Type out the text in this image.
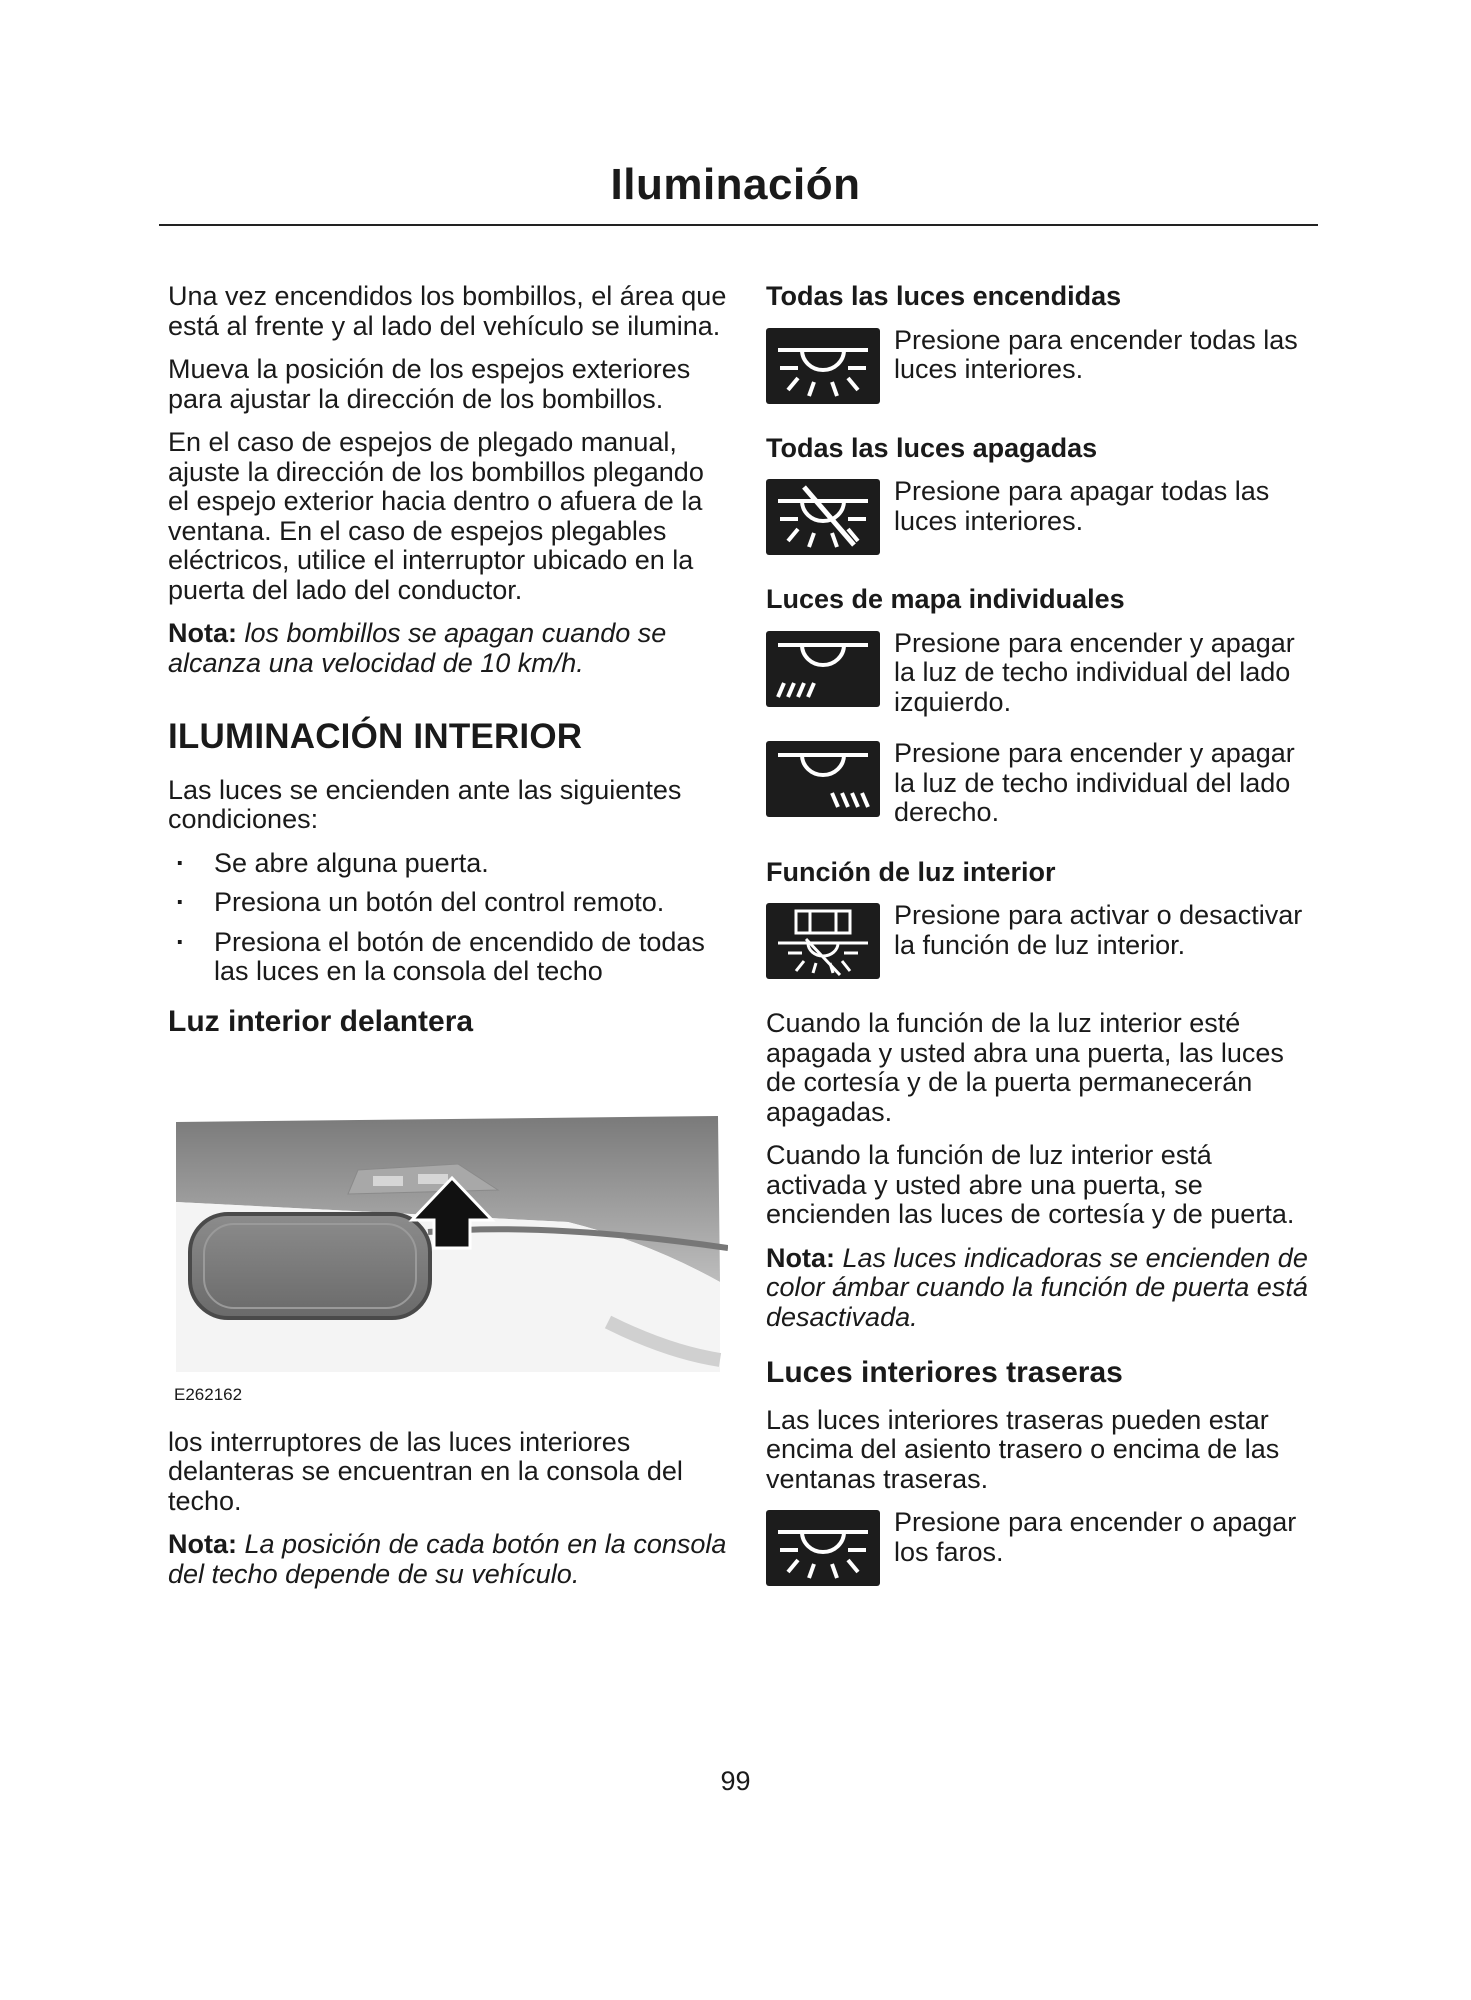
Iluminación

Una vez encendidos los bombillos, el área que está al frente y al lado del vehículo se ilumina.

Mueva la posición de los espejos exteriores para ajustar la dirección de los bombillos.

En el caso de espejos de plegado manual, ajuste la dirección de los bombillos plegando el espejo exterior hacia dentro o afuera de la ventana. En el caso de espejos plegables eléctricos, utilice el interruptor ubicado en la puerta del lado del conductor.

Nota: los bombillos se apagan cuando se alcanza una velocidad de 10 km/h.

ILUMINACIÓN INTERIOR

Las luces se encienden ante las siguientes condiciones:

· Se abre alguna puerta.
· Presiona un botón del control remoto.
· Presiona el botón de encendido de todas las luces en la consola del techo
Luz interior delantera
E262162

los interruptores de las luces interiores delanteras se encuentran en la consola del techo.

Nota: La posición de cada botón en la consola del techo depende de su vehículo.

Todas las luces encendidas
Presione para encender todas las luces interiores.
Todas las luces apagadas
Presione para apagar todas las luces interiores.
Luces de mapa individuales
Presione para encender y apagar la luz de techo individual del lado izquierdo.
Presione para encender y apagar la luz de techo individual del lado derecho.
Función de luz interior
Presione para activar o desactivar la función de luz interior.

Cuando la función de la luz interior esté apagada y usted abra una puerta, las luces de cortesía y de la puerta permanecerán apagadas.

Cuando la función de luz interior está activada y usted abre una puerta, se encienden las luces de cortesía y de puerta.

Nota: Las luces indicadoras se encienden de color ámbar cuando la función de puerta está desactivada.

Luces interiores traseras

Las luces interiores traseras pueden estar encima del asiento trasero o encima de las ventanas traseras.

Presione para encender o apagar los faros.
99
